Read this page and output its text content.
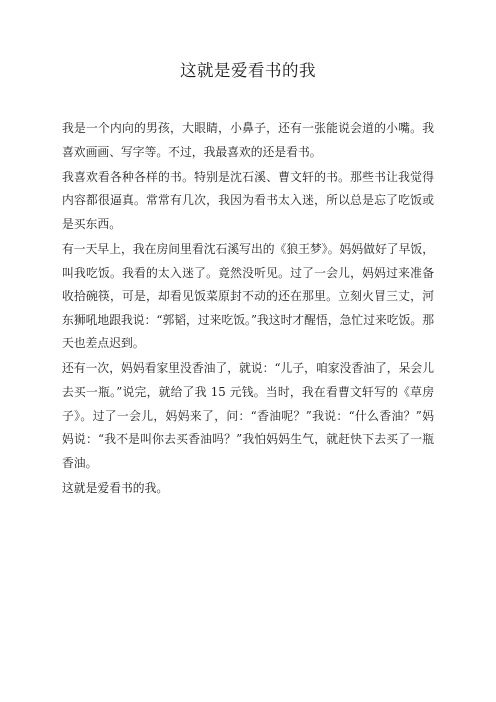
这就是爱看书的我

我是一个内向的男孩，大眼睛，小鼻子，还有一张能说会道的小嘴。我喜欢画画、写字等。不过，我最喜欢的还是看书。

我喜欢看各种各样的书。特别是沈石溪、曹文轩的书。那些书让我觉得内容都很逼真。常常有几次，我因为看书太入迷，所以总是忘了吃饭或是买东西。

有一天早上，我在房间里看沈石溪写出的《狼王梦》。妈妈做好了早饭，叫我吃饭。我看的太入迷了。竟然没听见。过了一会儿，妈妈过来准备收拾碗筷，可是，却看见饭菜原封不动的还在那里。立刻火冒三丈，河东狮吼地跟我说：“郭韬，过来吃饭。”我这时才醒悟，急忙过来吃饭。那天也差点迟到。

还有一次，妈妈看家里没香油了，就说：“儿子，咱家没香油了，呆会儿去买一瓶。”说完，就给了我 15 元钱。当时，我在看曹文轩写的《草房子》。过了一会儿，妈妈来了，问：“香油呢？”我说：“什么香油？”妈妈说：“我不是叫你去买香油吗？”我怕妈妈生气，就赶快下去买了一瓶香油。

这就是爱看书的我。
